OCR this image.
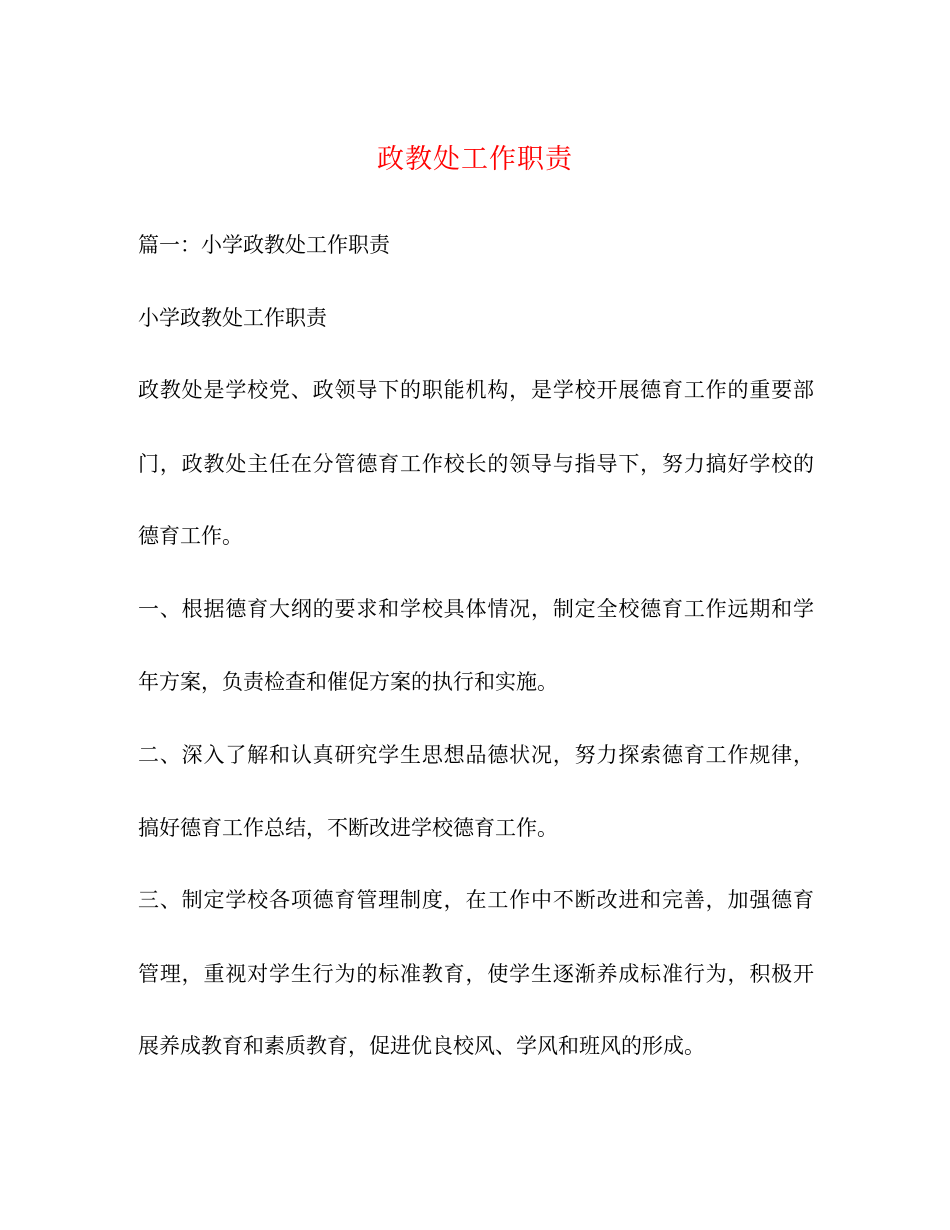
政教处工作职责
篇一：小学政教处工作职责
小学政教处工作职责
政教处是学校党、政领导下的职能机构，是学校开展德育工作的重要部
门，政教处主任在分管德育工作校长的领导与指导下，努力搞好学校的
德育工作。
一、根据德育大纲的要求和学校具体情况，制定全校德育工作远期和学
年方案，负责检查和催促方案的执行和实施。
二、深入了解和认真研究学生思想品德状况，努力探索德育工作规律，
搞好德育工作总结，不断改进学校德育工作。
三、制定学校各项德育管理制度，在工作中不断改进和完善，加强德育
管理，重视对学生行为的标准教育，使学生逐渐养成标准行为，积极开
展养成教育和素质教育，促进优良校风、学风和班风的形成。
